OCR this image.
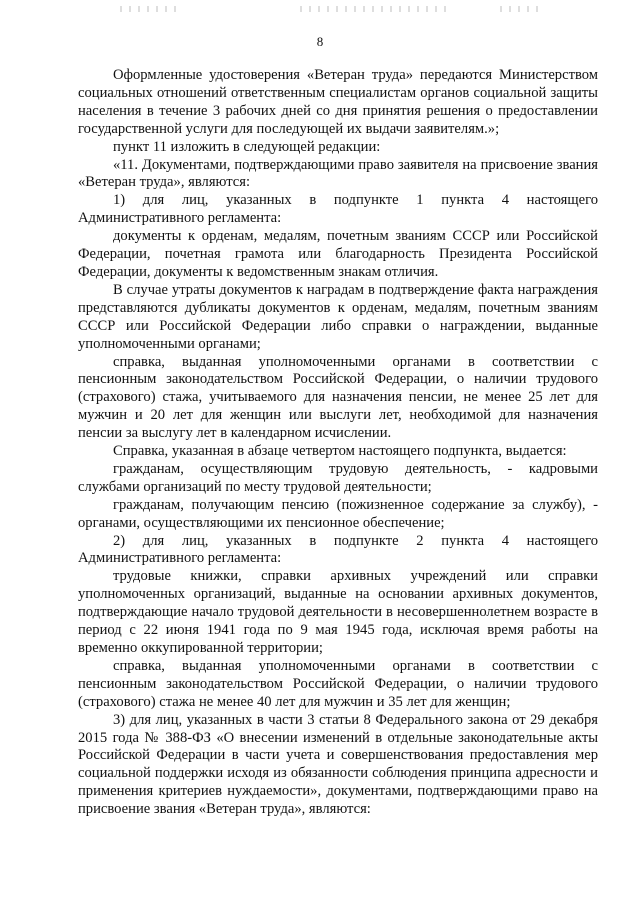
8

Оформленные удостоверения «Ветеран труда» передаются Министерством социальных отношений ответственным специалистам органов социальной защиты населения в течение 3 рабочих дней со дня принятия решения о предоставлении государственной услуги для последующей их выдачи заявителям.»;

пункт 11 изложить в следующей редакции:

«11. Документами, подтверждающими право заявителя на присвоение звания «Ветеран труда», являются:

1) для лиц, указанных в подпункте 1 пункта 4 настоящего Административного регламента:

документы к орденам, медалям, почетным званиям СССР или Российской Федерации, почетная грамота или благодарность Президента Российской Федерации, документы к ведомственным знакам отличия.

В случае утраты документов к наградам в подтверждение факта награждения представляются дубликаты документов к орденам, медалям, почетным званиям СССР или Российской Федерации либо справки о награждении, выданные уполномоченными органами;

справка, выданная уполномоченными органами в соответствии с пенсионным законодательством Российской Федерации, о наличии трудового (страхового) стажа, учитываемого для назначения пенсии, не менее 25 лет для мужчин и 20 лет для женщин или выслуги лет, необходимой для назначения пенсии за выслугу лет в календарном исчислении.

Справка, указанная в абзаце четвертом настоящего подпункта, выдается:

гражданам, осуществляющим трудовую деятельность, - кадровыми службами организаций по месту трудовой деятельности;

гражданам, получающим пенсию (пожизненное содержание за службу), - органами, осуществляющими их пенсионное обеспечение;

2) для лиц, указанных в подпункте 2 пункта 4 настоящего Административного регламента:

трудовые книжки, справки архивных учреждений или справки уполномоченных организаций, выданные на основании архивных документов, подтверждающие начало трудовой деятельности в несовершеннолетнем возрасте в период с 22 июня 1941 года по 9 мая 1945 года, исключая время работы на временно оккупированной территории;

справка, выданная уполномоченными органами в соответствии с пенсионным законодательством Российской Федерации, о наличии трудового (страхового) стажа не менее 40 лет для мужчин и 35 лет для женщин;

3) для лиц, указанных в части 3 статьи 8 Федерального закона от 29 декабря 2015 года № 388-ФЗ «О внесении изменений в отдельные законодательные акты Российской Федерации в части учета и совершенствования предоставления мер социальной поддержки исходя из обязанности соблюдения принципа адресности и применения критериев нуждаемости», документами, подтверждающими право на присвоение звания «Ветеран труда», являются:
